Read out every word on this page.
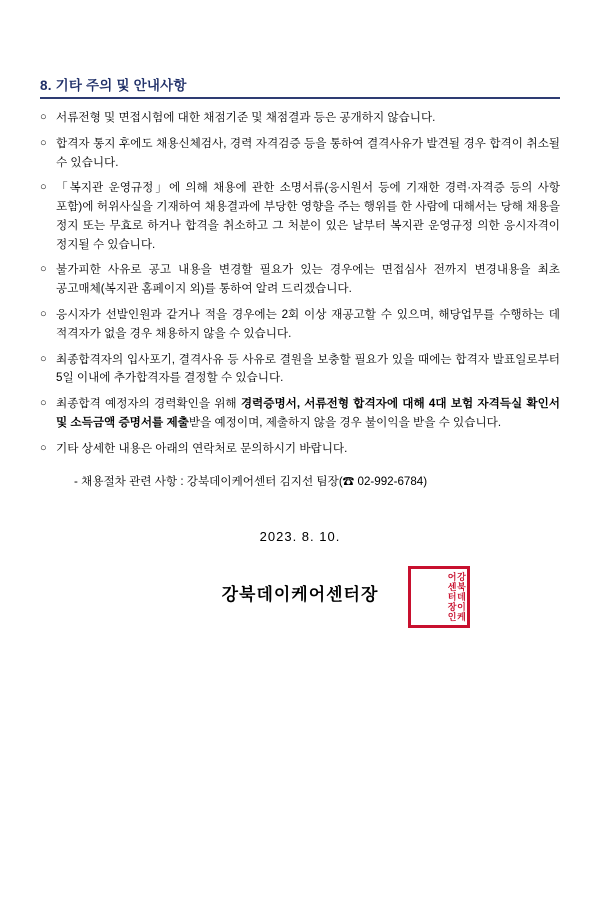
8. 기타 주의 및 안내사항
○ 서류전형 및 면접시험에 대한 채점기준 및 채점결과 등은 공개하지 않습니다.
○ 합격자 통지 후에도 채용신체검사, 경력 자격검증 등을 통하여 결격사유가 발견될 경우 합격이 취소될 수 있습니다.
○ 「복지관 운영규정」에 의해 채용에 관한 소명서류(응시원서 등에 기재한 경력·자격증 등의 사항 포함)에 허위사실을 기재하여 채용결과에 부당한 영향을 주는 행위를 한 사람에 대해서는 당해 채용을 정지 또는 무효로 하거나 합격을 취소하고 그 처분이 있은 날부터 복지관 운영규정 의한 응시자격이 정지될 수 있습니다.
○ 불가피한 사유로 공고 내용을 변경할 필요가 있는 경우에는 면접심사 전까지 변경내용을 최초 공고매체(복지관 홈페이지 외)를 통하여 알려 드리겠습니다.
○ 응시자가 선발인원과 같거나 적을 경우에는 2회 이상 재공고할 수 있으며, 해당업무를 수행하는 데 적격자가 없을 경우 채용하지 않을 수 있습니다.
○ 최종합격자의 입사포기, 결격사유 등 사유로 결원을 보충할 필요가 있을 때에는 합격자 발표일로부터 5일 이내에 추가합격자를 결정할 수 있습니다.
○ 최종합격 예정자의 경력확인을 위해 경력증명서, 서류전형 합격자에 대해 4대 보험 자격득실 확인서 및 소득금액 증명서를 제출받을 예정이며, 제출하지 않을 경우 불이익을 받을 수 있습니다.
○ 기타 상세한 내용은 아래의 연락처로 문의하시기 바랍니다.
- 채용절차 관련 사항 : 강북데이케어센터 김지선 팀장(☎ 02-992-6784)
2023. 8. 10.
강북데이케어센터장	강북데이케어센터장인
